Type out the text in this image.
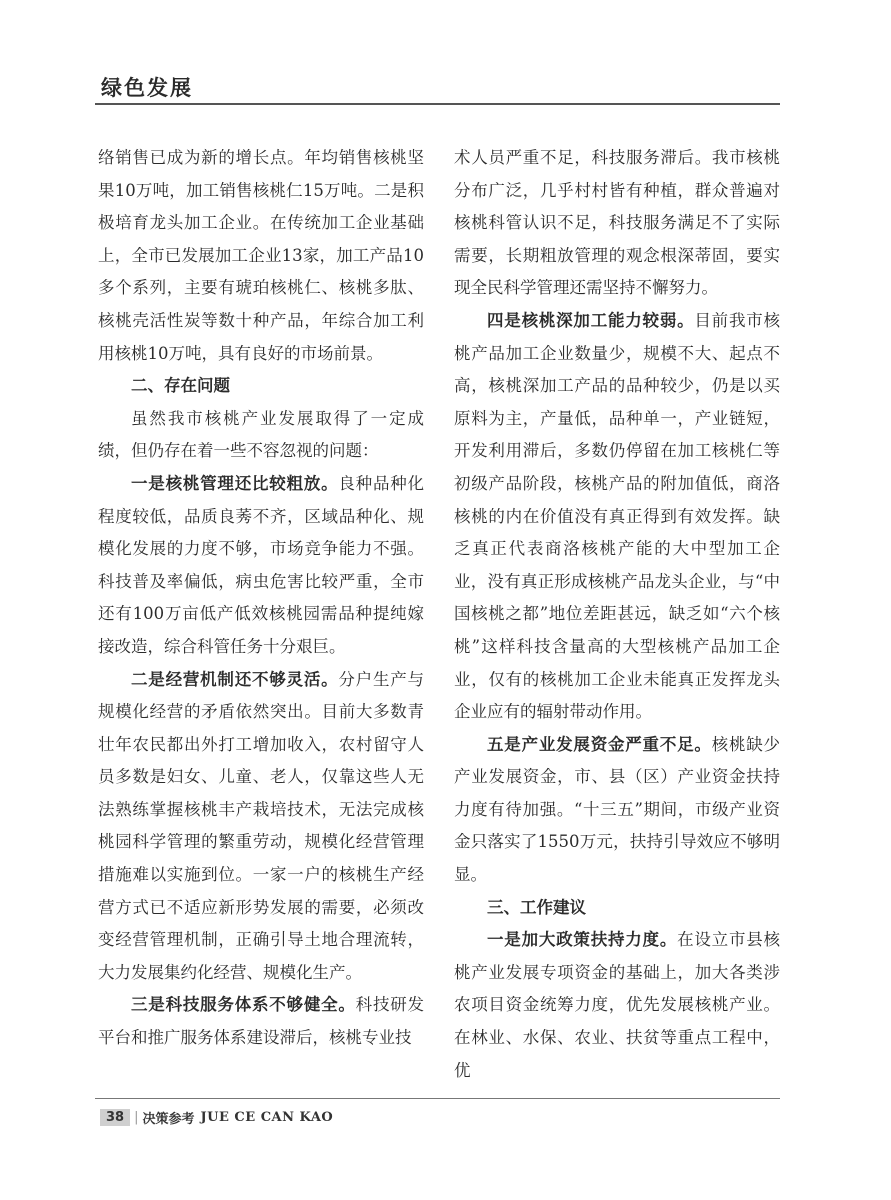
绿色发展

络销售已成为新的增长点。年均销售核桃坚果10万吨，加工销售核桃仁15万吨。二是积极培育龙头加工企业。在传统加工企业基础上，全市已发展加工企业13家，加工产品10多个系列，主要有琥珀核桃仁、核桃多肽、核桃壳活性炭等数十种产品，年综合加工利用核桃10万吨，具有良好的市场前景。

二、存在问题

虽然我市核桃产业发展取得了一定成绩，但仍存在着一些不容忽视的问题：

一是核桃管理还比较粗放。良种品种化程度较低，品质良莠不齐，区域品种化、规模化发展的力度不够，市场竞争能力不强。科技普及率偏低，病虫危害比较严重，全市还有100万亩低产低效核桃园需品种提纯嫁接改造，综合科管任务十分艰巨。

二是经营机制还不够灵活。分户生产与规模化经营的矛盾依然突出。目前大多数青壮年农民都出外打工增加收入，农村留守人员多数是妇女、儿童、老人，仅靠这些人无法熟练掌握核桃丰产栽培技术，无法完成核桃园科学管理的繁重劳动，规模化经营管理措施难以实施到位。一家一户的核桃生产经营方式已不适应新形势发展的需要，必须改变经营管理机制，正确引导土地合理流转，大力发展集约化经营、规模化生产。

三是科技服务体系不够健全。科技研发平台和推广服务体系建设滞后，核桃专业技

术人员严重不足，科技服务滞后。我市核桃分布广泛，几乎村村皆有种植，群众普遍对核桃科管认识不足，科技服务满足不了实际需要，长期粗放管理的观念根深蒂固，要实现全民科学管理还需坚持不懈努力。

四是核桃深加工能力较弱。目前我市核桃产品加工企业数量少，规模不大、起点不高，核桃深加工产品的品种较少，仍是以买原料为主，产量低，品种单一，产业链短，开发利用滞后，多数仍停留在加工核桃仁等初级产品阶段，核桃产品的附加值低，商洛核桃的内在价值没有真正得到有效发挥。缺乏真正代表商洛核桃产能的大中型加工企业，没有真正形成核桃产品龙头企业，与“中国核桃之都”地位差距甚远，缺乏如“六个核桃”这样科技含量高的大型核桃产品加工企业，仅有的核桃加工企业未能真正发挥龙头企业应有的辐射带动作用。

五是产业发展资金严重不足。核桃缺少产业发展资金，市、县（区）产业资金扶持力度有待加强。“十三五”期间，市级产业资金只落实了1550万元，扶持引导效应不够明显。

三、工作建议

一是加大政策扶持力度。在设立市县核桃产业发展专项资金的基础上，加大各类涉农项目资金统筹力度，优先发展核桃产业。在林业、水保、农业、扶贫等重点工程中，优

38 | 决策参考 JUE CE CAN KAO
